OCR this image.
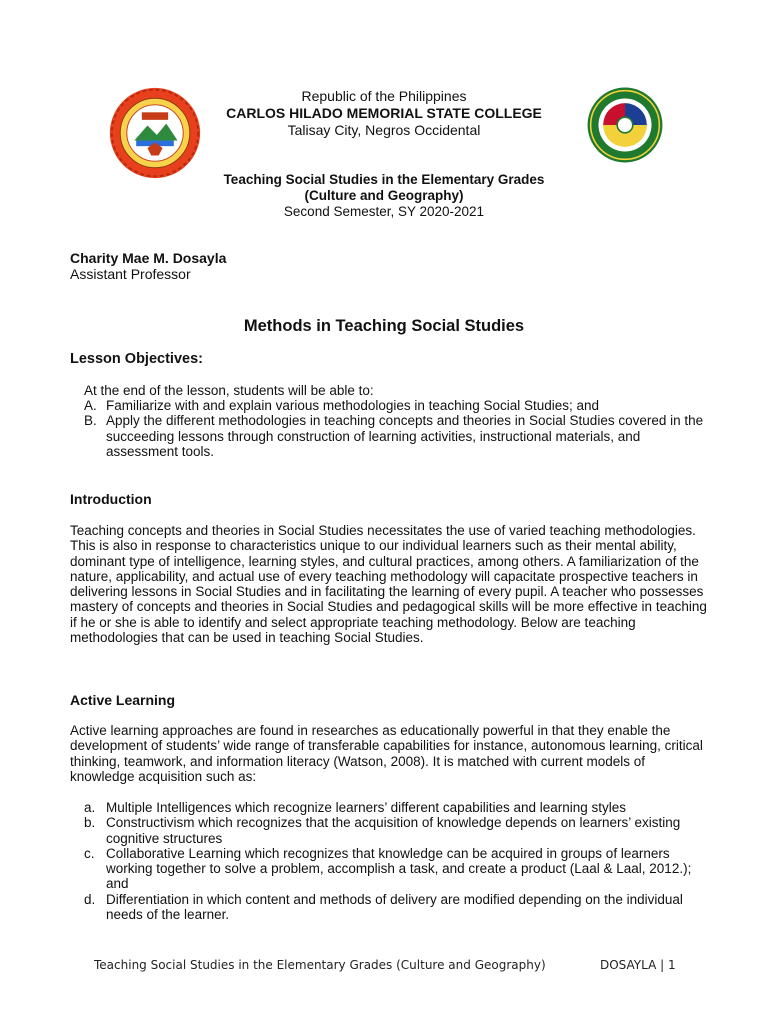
Republic of the Philippines
CARLOS HILADO MEMORIAL STATE COLLEGE
Talisay City, Negros Occidental
Teaching Social Studies in the Elementary Grades
(Culture and Geography)
Second Semester, SY 2020-2021
Charity Mae M. Dosayla
Assistant Professor
Methods in Teaching Social Studies
Lesson Objectives:
At the end of the lesson, students will be able to:
A. Familiarize with and explain various methodologies in teaching Social Studies; and
B. Apply the different methodologies in teaching concepts and theories in Social Studies covered in the succeeding lessons through construction of learning activities, instructional materials, and assessment tools.
Introduction
Teaching concepts and theories in Social Studies necessitates the use of varied teaching methodologies. This is also in response to characteristics unique to our individual learners such as their mental ability, dominant type of intelligence, learning styles, and cultural practices, among others. A familiarization of the nature, applicability, and actual use of every teaching methodology will capacitate prospective teachers in delivering lessons in Social Studies and in facilitating the learning of every pupil. A teacher who possesses mastery of concepts and theories in Social Studies and pedagogical skills will be more effective in teaching if he or she is able to identify and select appropriate teaching methodology. Below are teaching methodologies that can be used in teaching Social Studies.
Active Learning
Active learning approaches are found in researches as educationally powerful in that they enable the development of students’ wide range of transferable capabilities for instance, autonomous learning, critical thinking, teamwork, and information literacy (Watson, 2008). It is matched with current models of knowledge acquisition such as:
a. Multiple Intelligences which recognize learners’ different capabilities and learning styles
b. Constructivism which recognizes that the acquisition of knowledge depends on learners’ existing cognitive structures
c. Collaborative Learning which recognizes that knowledge can be acquired in groups of learners working together to solve a problem, accomplish a task, and create a product (Laal & Laal, 2012.); and
d. Differentiation in which content and methods of delivery are modified depending on the individual needs of the learner.
Teaching Social Studies in the Elementary Grades (Culture and Geography)	DOSAYLA | 1
